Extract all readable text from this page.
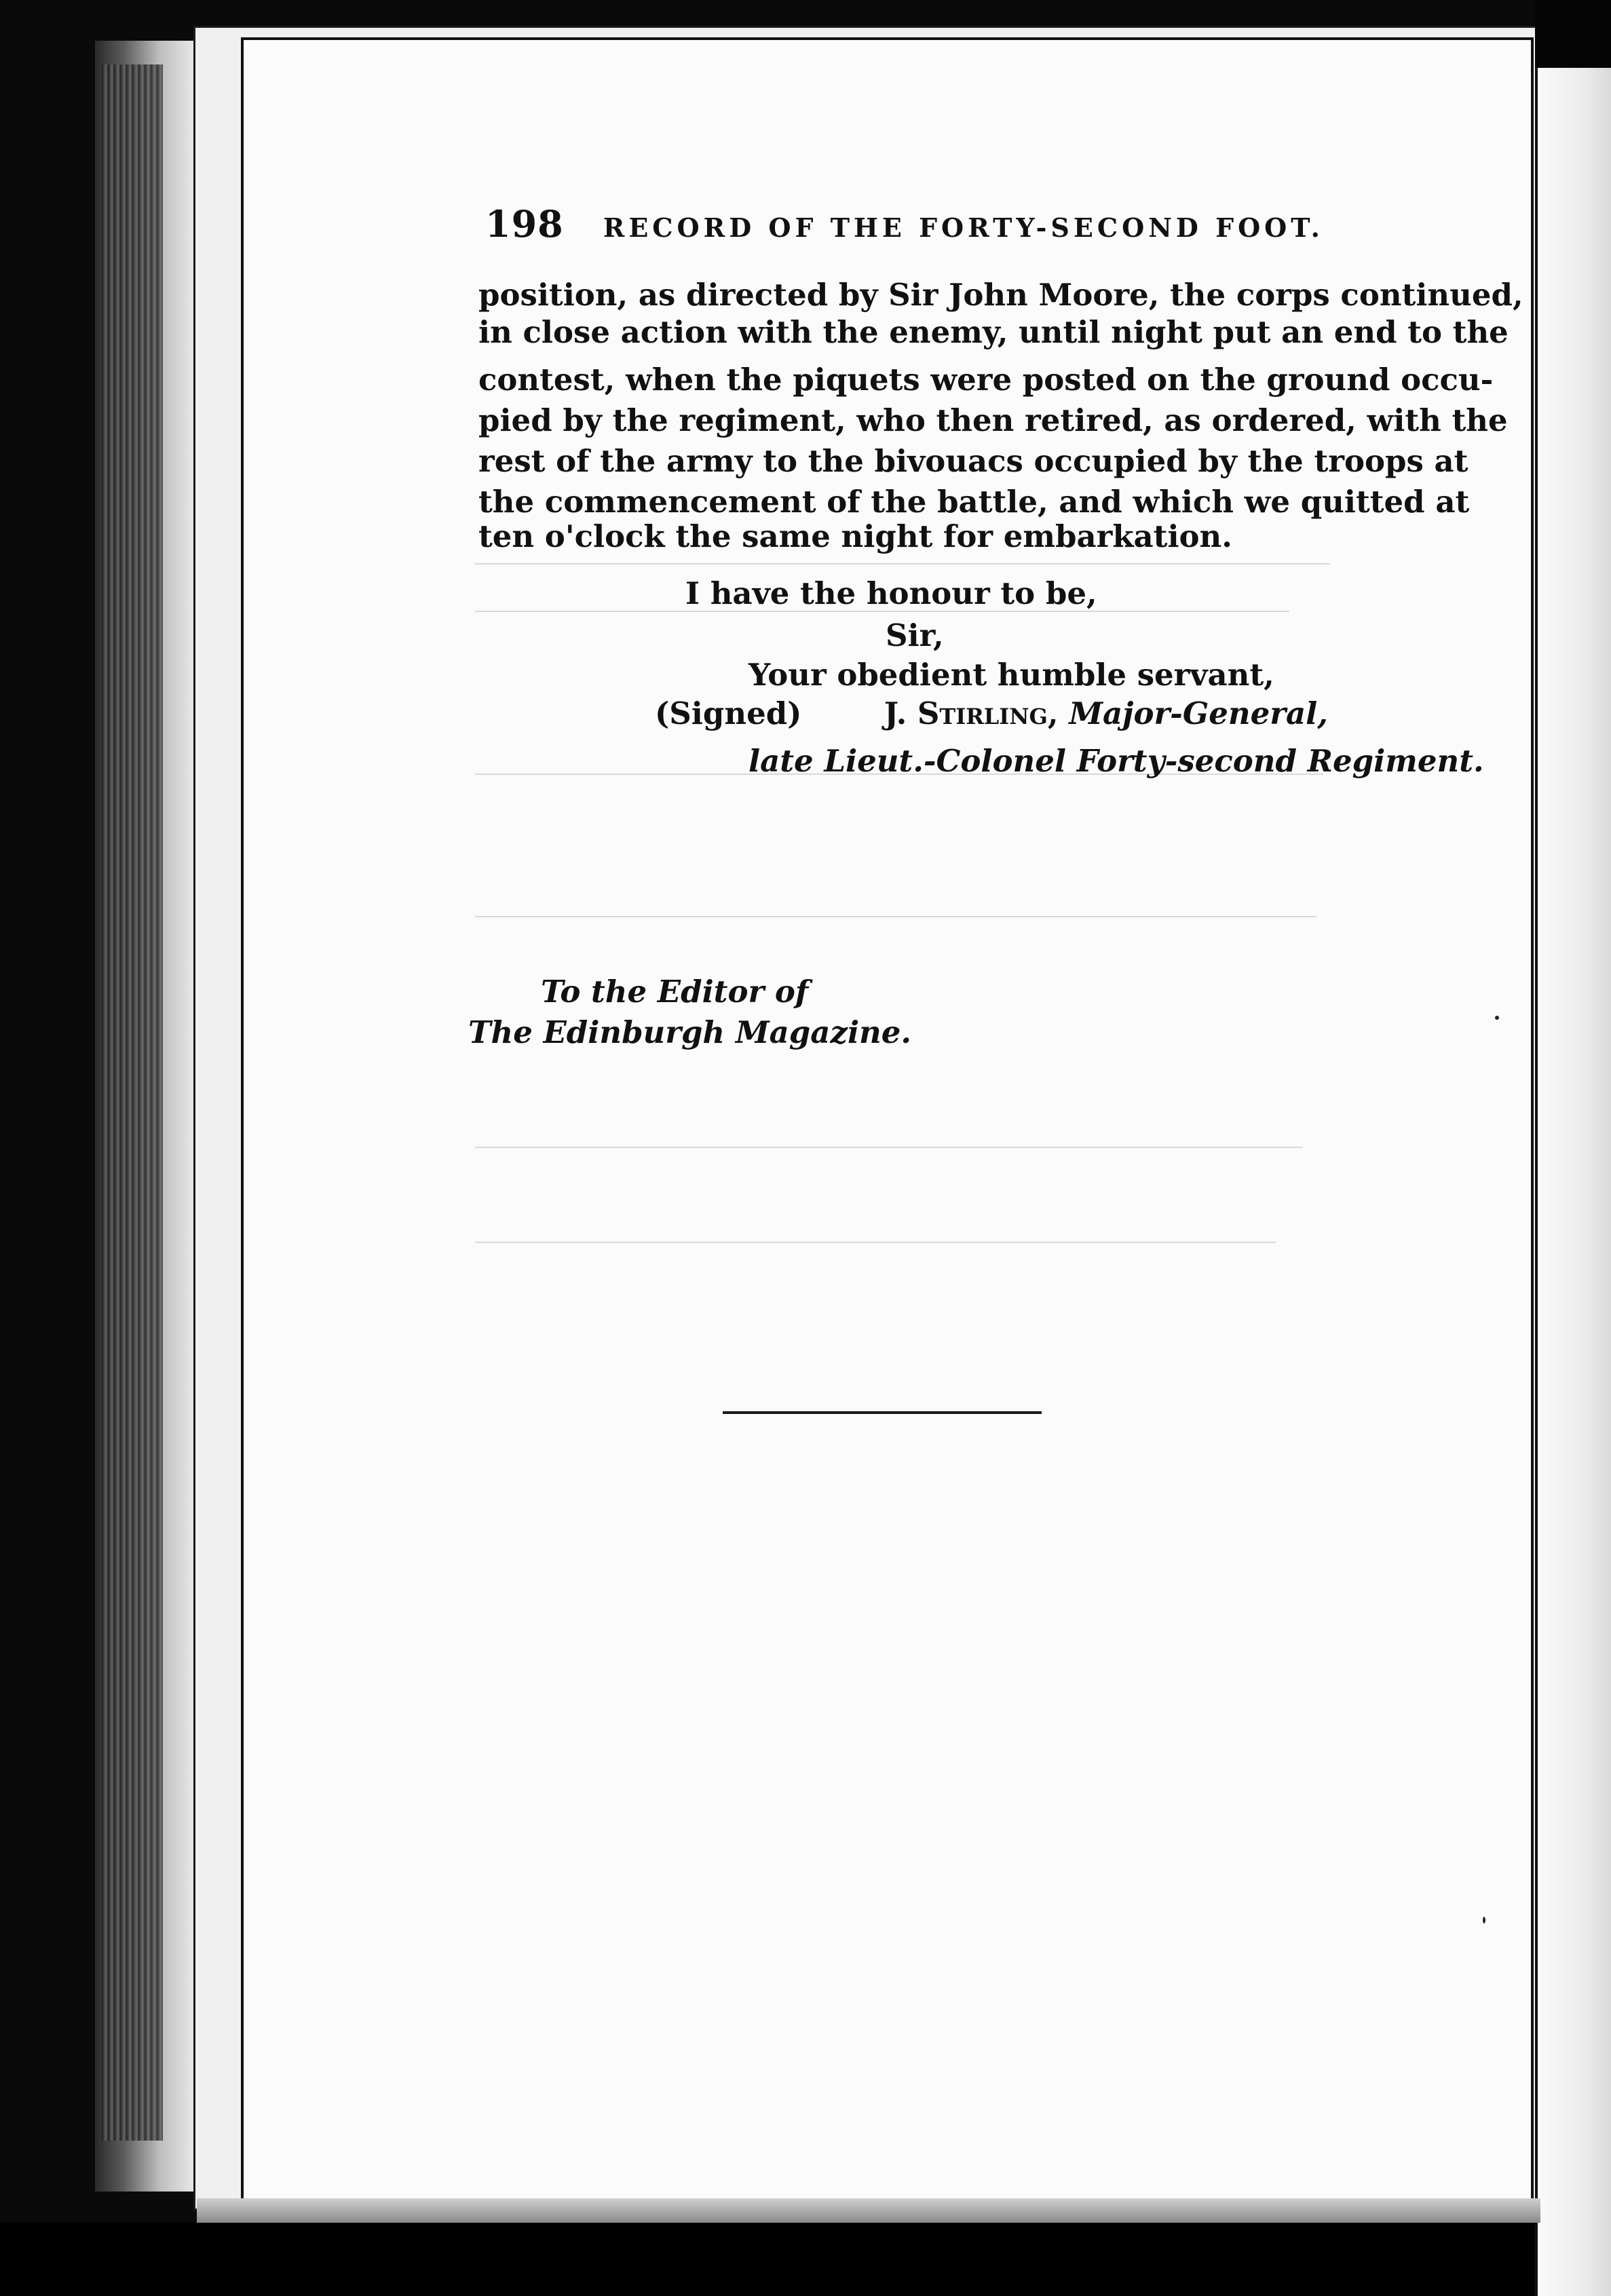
198 RECORD OF THE FORTY-SECOND FOOT.
position, as directed by Sir John Moore, the corps continued,
in close action with the enemy, until night put an end to the
contest, when the piquets were posted on the ground occu-
pied by the regiment, who then retired, as ordered, with the
rest of the army to the bivouacs occupied by the troops at
the commencement of the battle, and which we quitted at
ten o'clock the same night for embarkation.
I have the honour to be,
Sir,
Your obedient humble servant,
(Signed)	J. Stirling, Major-General,
late Lieut.-Colonel Forty-second Regiment.
To the Editor of
The Edinburgh Magazine.
